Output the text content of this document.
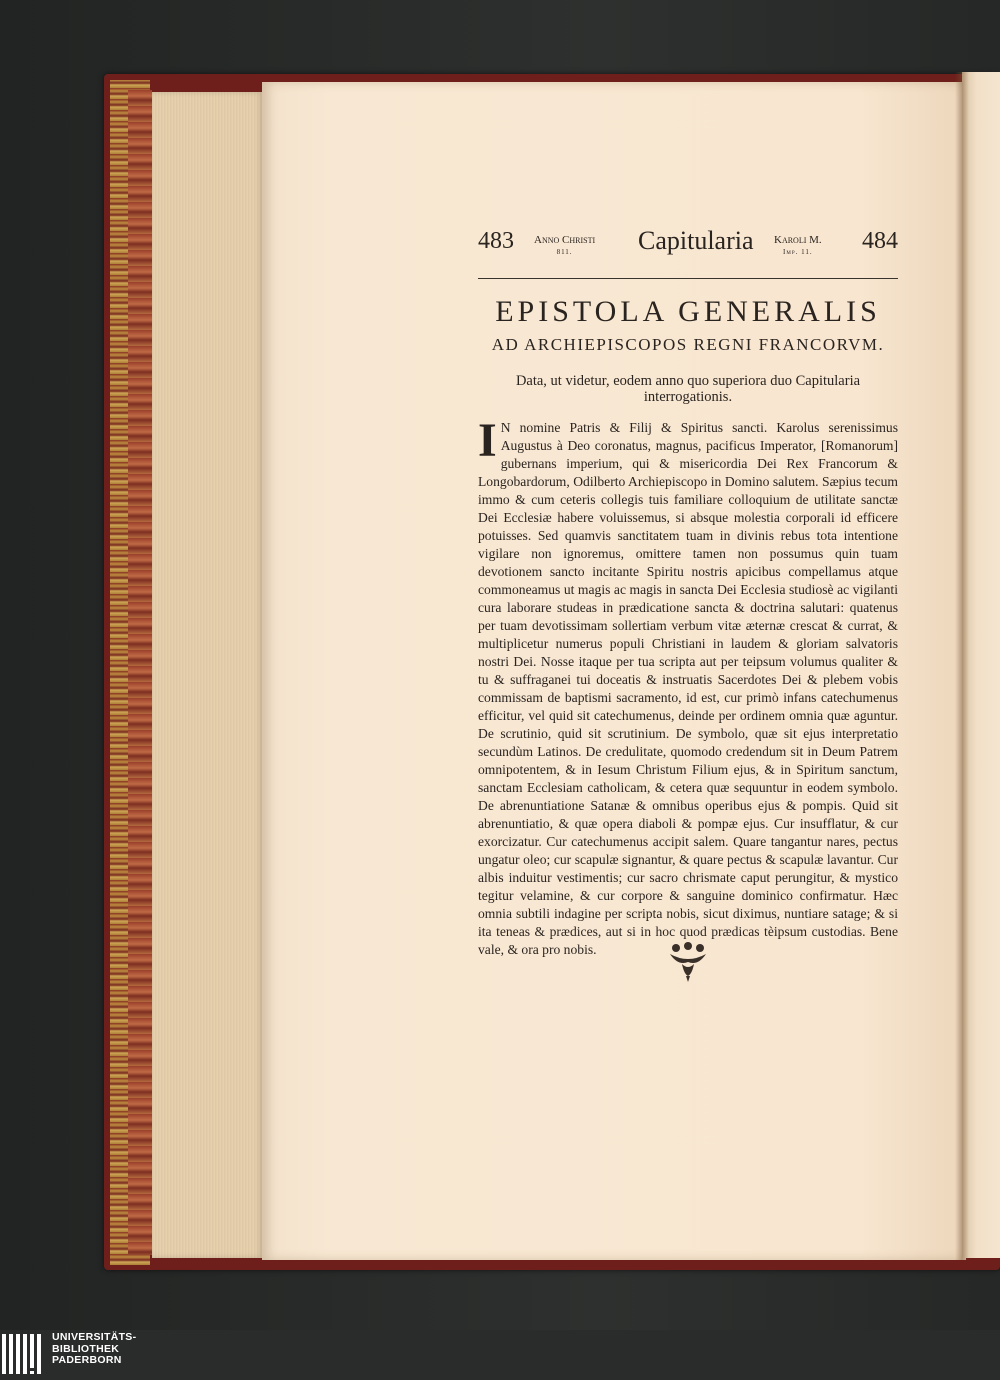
483 Anno Christi
811.	Capitularia Karoli M.
Imp. 11.	484
EPISTOLA GENERALIS
AD ARCHIEPISCOPOS REGNI FRANCORVM.
Data, ut videtur, eodem anno quo superiora duo Capitularia interrogationis.
I N nomine Patris & Filij & Spiritus sancti. Karolus serenissimus Augustus à Deo coronatus, magnus, pacificus Imperator, [Romanorum] gubernans imperium, qui & misericordia Dei Rex Francorum & Longobardorum, Odilberto Archiepiscopo in Domino salutem. Sæpius tecum immo & cum ceteris collegis tuis familiare colloquium de utilitate sanctæ Dei Ecclesiæ habere voluissemus, si absque molestia corporali id efficere potuisses. Sed quamvis sanctitatem tuam in divinis rebus tota intentione vigilare non ignoremus, omittere tamen non possumus quin tuam devotionem sancto incitante Spiritu nostris apicibus compellamus atque commoneamus ut magis ac magis in sancta Dei Ecclesia studiosè ac vigilanti cura laborare studeas in prædicatione sancta & doctrina salutari: quatenus per tuam devotissimam sollertiam verbum vitæ æternæ crescat & currat, & multiplicetur numerus populi Christiani in laudem & gloriam salvatoris nostri Dei. Nosse itaque per tua scripta aut per teipsum volumus qualiter & tu & suffraganei tui doceatis & instruatis Sacerdotes Dei & plebem vobis commissam de baptismi sacramento, id est, cur primò infans catechumenus efficitur, vel quid sit catechumenus, deinde per ordinem omnia quæ aguntur. De scrutinio, quid sit scrutinium. De symbolo, quæ sit ejus interpretatio secundùm Latinos. De credulitate, quomodo credendum sit in Deum Patrem omnipotentem, & in Iesum Christum Filium ejus, & in Spiritum sanctum, sanctam Ecclesiam catholicam, & cetera quæ sequuntur in eodem symbolo. De abrenuntiatione Satanæ & omnibus operibus ejus & pompis. Quid sit abrenuntiatio, & quæ opera diaboli & pompæ ejus. Cur insufflatur, & cur exorcizatur. Cur catechumenus accipit salem. Quare tangantur nares, pectus ungatur oleo; cur scapulæ signantur, & quare pectus & scapulæ lavantur. Cur albis induitur vestimentis; cur sacro chrismate caput perungitur, & mystico tegitur velamine, & cur corpore & sanguine dominico confirmatur. Hæc omnia subtili indagine per scripta nobis, sicut diximus, nuntiare satage; & si ita teneas & prædices, aut si in hoc quod prædicas tèipsum custodias. Bene vale, & ora pro nobis.
UNIVERSITÄTS-
BIBLIOTHEK
PADERBORN
